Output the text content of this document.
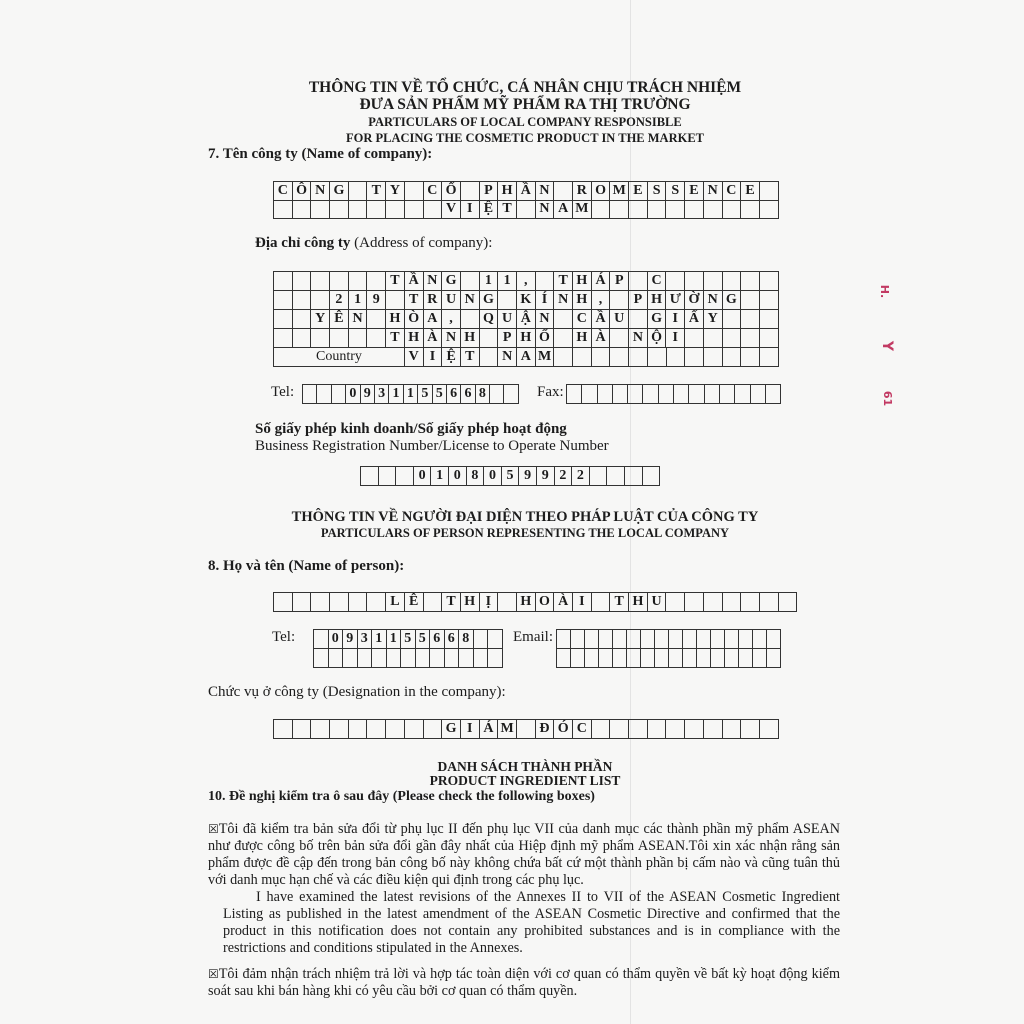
THÔNG TIN VỀ TỔ CHỨC, CÁ NHÂN CHỊU TRÁCH NHIỆM
ĐƯA SẢN PHẨM MỸ PHẨM RA THỊ TRƯỜNG
PARTICULARS OF LOCAL COMPANY RESPONSIBLE
FOR PLACING THE COSMETIC PRODUCT IN THE MARKET
7. Tên công ty (Name of company):
C Ô N G	T Y	C Ổ	P H Ầ N	R O M E S S E N C E
V I Ệ T	N A M
Địa chỉ công ty (Address of company):
T Ầ N G	1 1 ,	T H Á P	C
2 1 9	T R U N G	K Í N H ,	P H Ư Ờ N G
Y Ê N	H Ò A ,	Q U Ậ N	C Ầ U	G I Ấ Y
T H À N H	P H Ố	H À	N Ộ I
Country	V I Ệ T	N A M
Tel:	0 9 3 1 1 5 5 6 6 8	Fax:
Số giấy phép kinh doanh/Số giấy phép hoạt động
Business Registration Number/License to Operate Number
0 1 0 8 0 5 9 9 2 2
THÔNG TIN VỀ NGƯỜI ĐẠI DIỆN THEO PHÁP LUẬT CỦA CÔNG TY
PARTICULARS OF PERSON REPRESENTING THE LOCAL COMPANY
8. Họ và tên (Name of person):
L Ê	T H Ị	H O À I	T H U
Tel:	0 9 3 1 1 5 5 6 6 8	Email:
Chức vụ ở công ty (Designation in the company):
G I Á M Đ Ó C
DANH SÁCH THÀNH PHẦN
PRODUCT INGREDIENT LIST
10. Đề nghị kiểm tra ô sau đây (Please check the following boxes)

☒Tôi đã kiểm tra bản sửa đổi từ phụ lục II đến phụ lục VII của danh mục các thành phần mỹ phẩm ASEAN như được công bố trên bản sửa đổi gần đây nhất của Hiệp định mỹ phẩm ASEAN.Tôi xin xác nhận rằng sản phẩm được đề cập đến trong bản công bố này không chứa bất cứ một thành phần bị cấm nào và cũng tuân thủ với danh mục hạn chế và các điều kiện qui định trong các phụ lục.

I have examined the latest revisions of the Annexes II to VII of the ASEAN Cosmetic Ingredient Listing as published in the latest amendment of the ASEAN Cosmetic Directive and confirmed that the product in this notification does not contain any prohibited substances and is in compliance with the restrictions and conditions stipulated in the Annexes.

☒Tôi đảm nhận trách nhiệm trả lời và hợp tác toàn diện với cơ quan có thẩm quyền về bất kỳ hoạt động kiểm soát sau khi bán hàng khi có yêu cầu bởi cơ quan có thẩm quyền.

H.
Y
61
